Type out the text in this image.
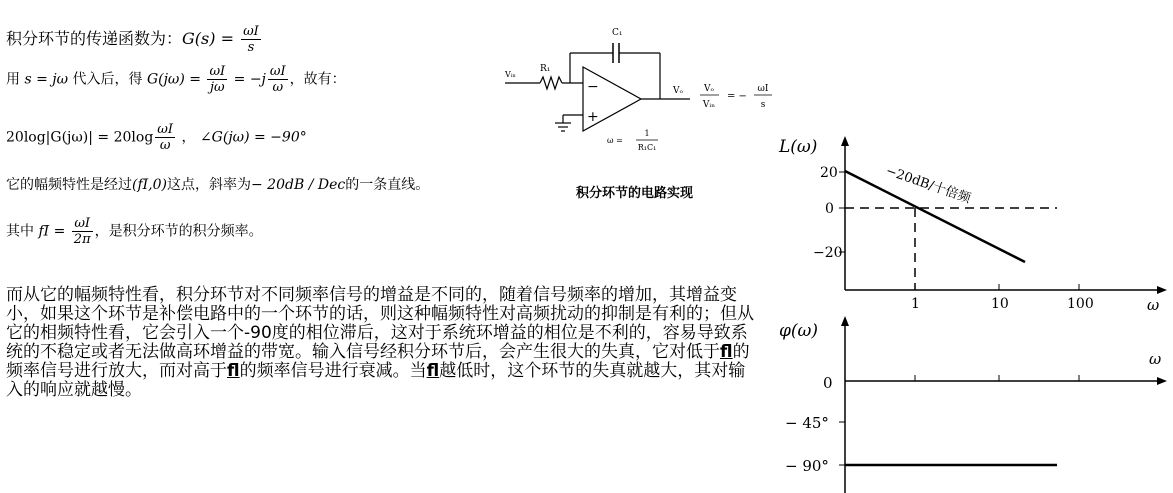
积分环节的传递函数为：$G(s) = \frac{\omega I}{s}$
用 s = jω 代入后，得 $G(j\omega) = \frac{\omega I}{j\omega} = -j \frac{\omega I}{\omega}$ ，故有：
$20\log|G(j\omega)| = 20\log \frac{\omega I}{\omega}$ ， ∠G(jω) = −90°
它的幅频特性是经过(fI,0)这点，斜率为− 20dB / Dec的一条直线。
其中 fI = $\frac{\omega I}{2\pi}$ ，是积分环节的积分频率。
而从它的幅频特性看，积分环节对不同频率信号的增益是不同的，随着信号频率的增加，其增益变小，如果这个环节是补偿电路中的一个环节的话，则这种幅频特性对高频扰动的抑制是有利的；但从它的相频特性看，它会引入一个-90度的相位滞后，这对于系统环增益的相位是不利的，容易导致系统的不稳定或者无法做高环增益的带宽。输入信号经积分环节后，会产生很大的失真，它对低于fl的频率信号进行放大，而对高于fl的频率信号进行衰减。当fl越低时，这个环节的失真就越大，其对输入的响应就越慢。
C₁
R₁
Vᵢₙ
Vₒ
−
+
Vₒ
Vᵢₙ
= −
ωI
s
ω =
1
R₁C₁
积分环节的电路实现
L(ω)
20
0
−20
−20dB/十倍频
1	10	100	ω
φ(ω)
ω
0
− 45°
− 90°
